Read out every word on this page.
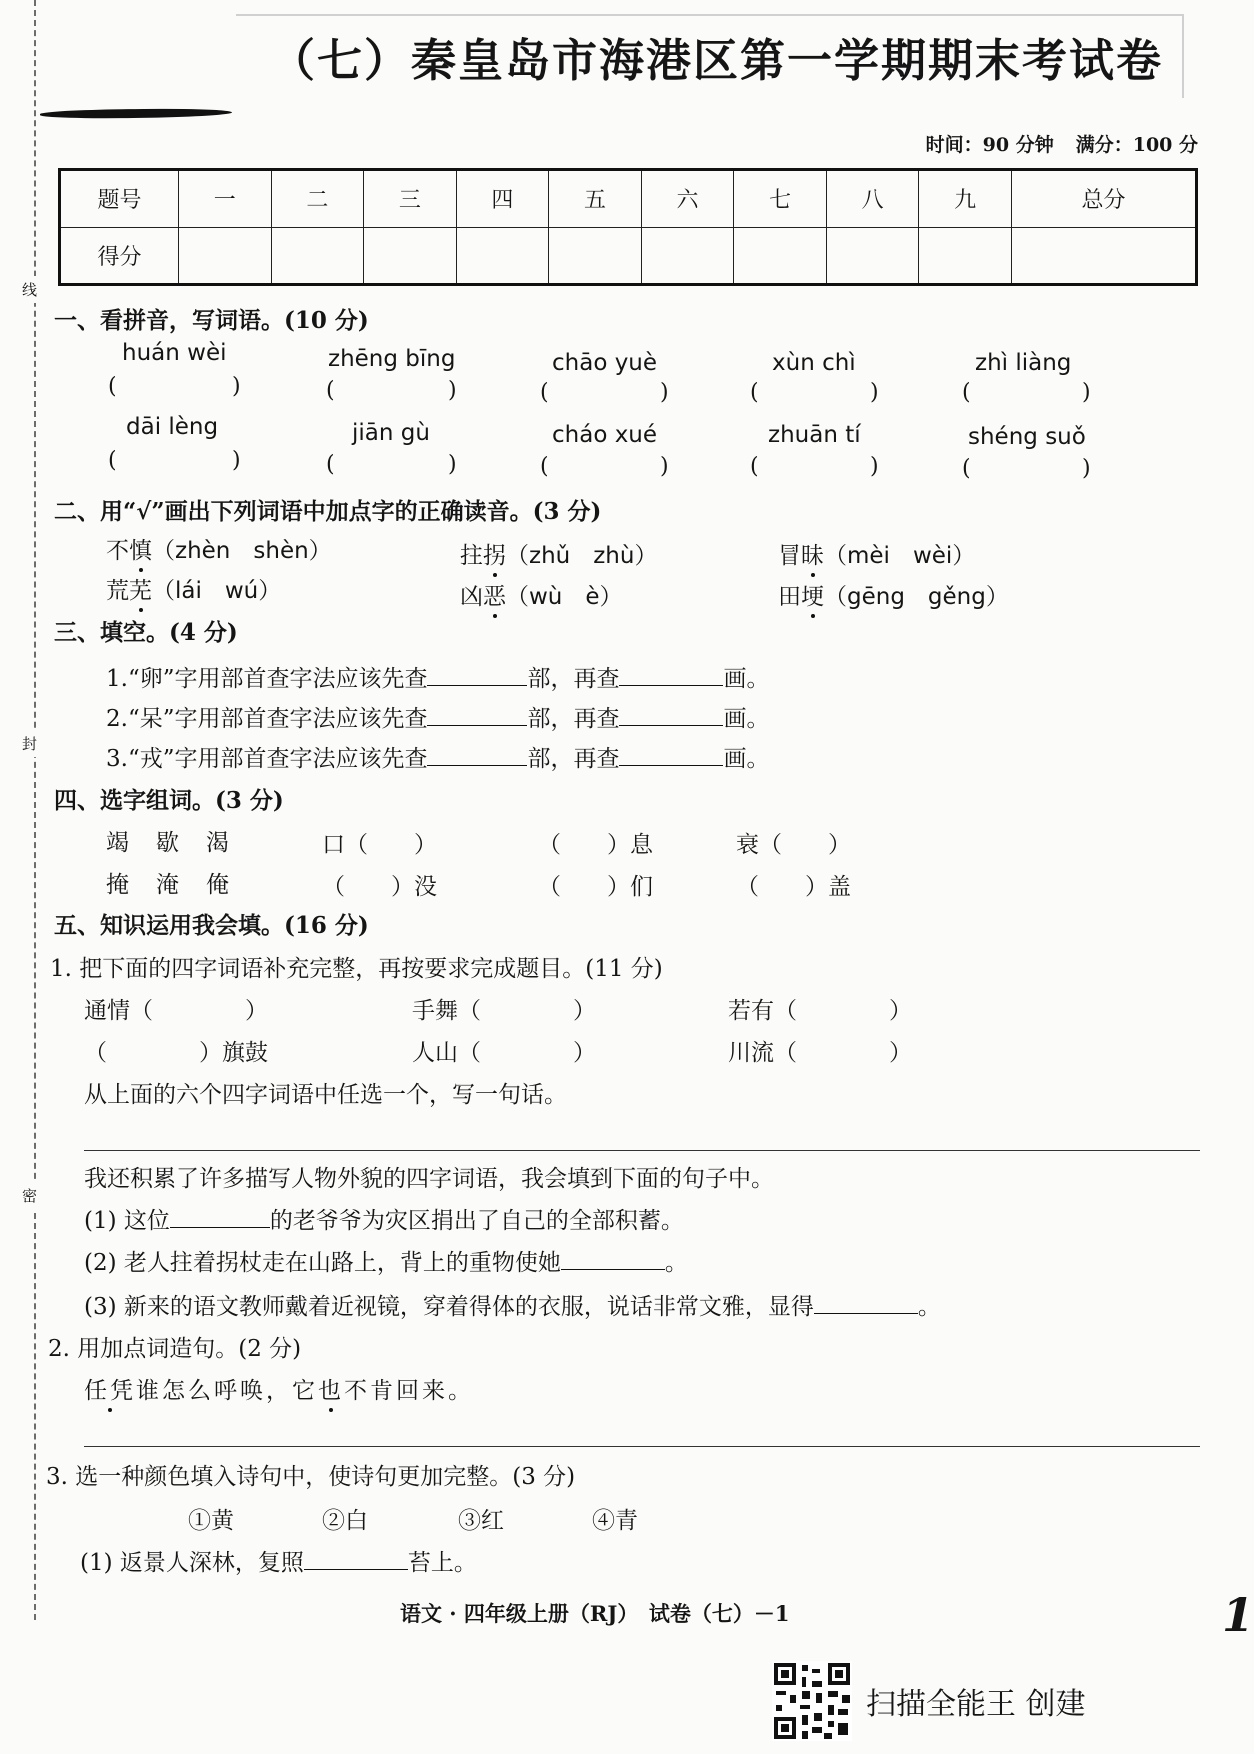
线
封
密
（七）秦皇岛市海港区第一学期期末考试卷
时间：90 分钟 满分：100 分
题号	一	二	三	四	五	六	七	八	九	总分
得分										
一、看拼音，写词语。(10 分)
huán wèi	zhēng bīng	chāo yuè	xùn chì	zhì liàng
(	)	(	)	(	)	(	)	(	)
dāi lèng	jiān gù	cháo xué	zhuān tí	shéng suǒ
(	)	(	)	(	)	(	)	(	)
二、用“√”画出下列词语中加点字的正确读音。(3 分)
不慎（zhèn　shèn）	拄拐（zhǔ　zhù）	冒昧（mèi　wèi）
荒芜（lái　wú）	凶恶（wù　è）	田埂（gēng　gěng）
三、填空。(4 分)
1.“卵”字用部首查字法应该先查	部，再查	画。
2.“呆”字用部首查字法应该先查	部，再查	画。
3.“戎”字用部首查字法应该先查	部，再查	画。
四、选字组词。(3 分)
竭　歇　渴	口（　　）	（　　）息	衰（　　）
掩　淹　俺	（　　）没	（　　）们	（　　）盖
五、知识运用我会填。(16 分)
1. 把下面的四字词语补充完整，再按要求完成题目。(11 分)
通情（　　　　）	手舞（　　　　）	若有（　　　　）
（　　　　）旗鼓	人山（　　　　）	川流（　　　　）
从上面的六个四字词语中任选一个，写一句话。
我还积累了许多描写人物外貌的四字词语，我会填到下面的句子中。
(1) 这位	的老爷爷为灾区捐出了自己的全部积蓄。
(2) 老人拄着拐杖走在山路上，背上的重物使她	。
(3) 新来的语文教师戴着近视镜，穿着得体的衣服，说话非常文雅，显得	。
2. 用加点词造句。(2 分)
任凭谁怎么呼唤，它也不肯回来。
3. 选一种颜色填入诗句中，使诗句更加完整。(3 分)
①黄	②白	③红	④青
(1) 返景人深林，复照	苔上。
语文 · 四年级上册（RJ）　试卷（七）－1	1
扫描全能王 创建
